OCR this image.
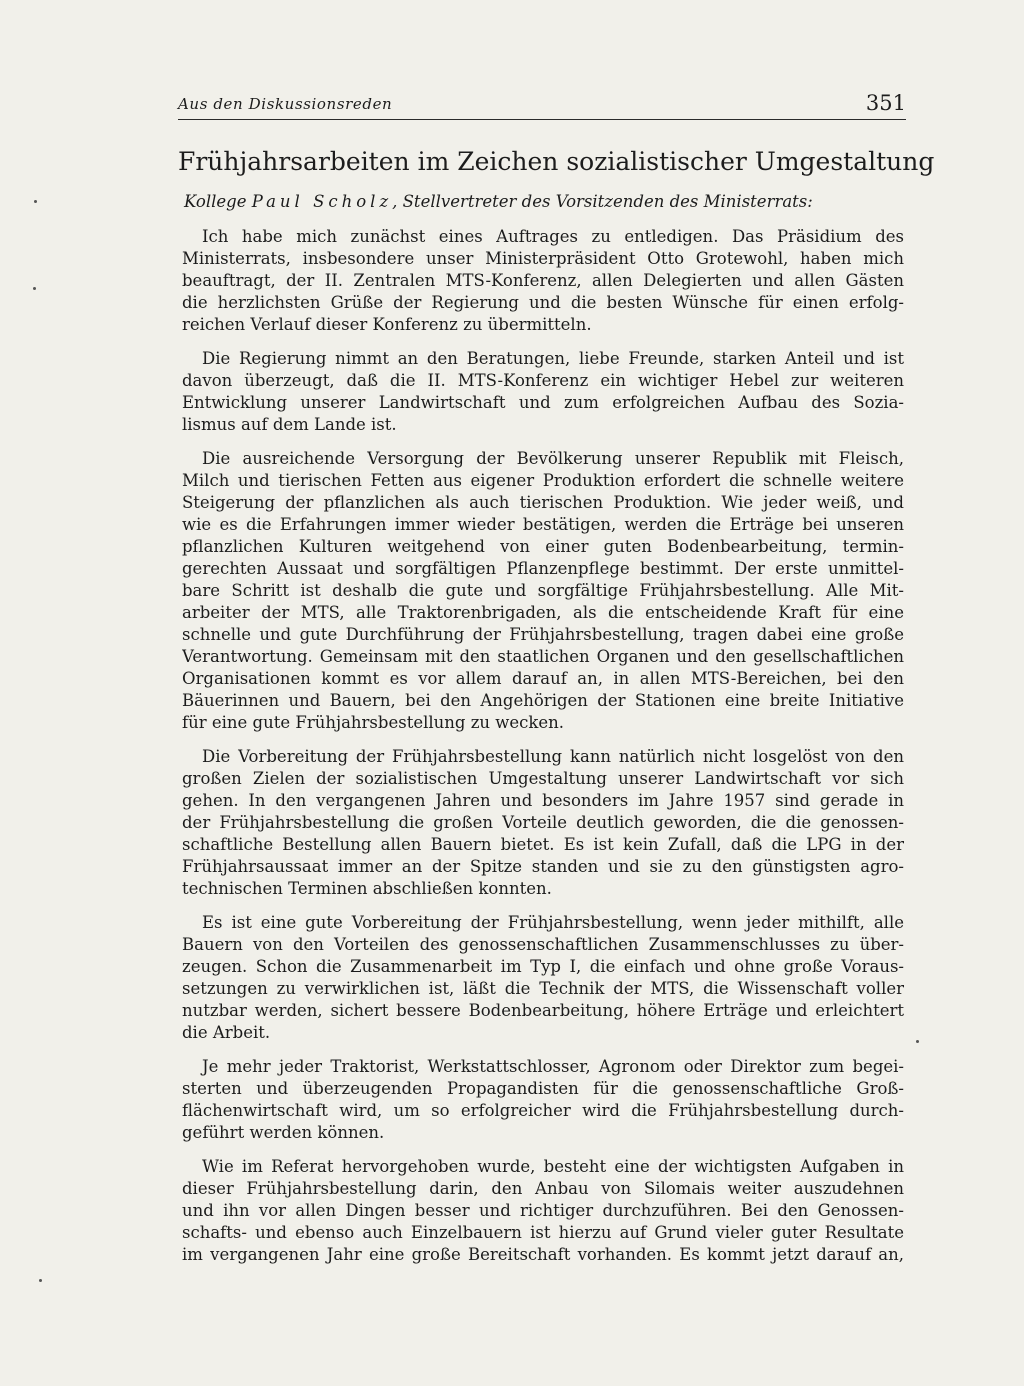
Aus den Diskussionsreden	351
Frühjahrsarbeiten im Zeichen sozialistischer Umgestaltung
Kollege Paul Scholz, Stellvertreter des Vorsitzenden des Ministerrats:
Ich habe mich zunächst eines Auftrages zu entledigen. Das Präsidium des
Ministerrats, insbesondere unser Ministerpräsident Otto Grotewohl, haben mich
beauftragt, der II. Zentralen MTS-Konferenz, allen Delegierten und allen Gästen
die herzlichsten Grüße der Regierung und die besten Wünsche für einen erfolg-
reichen Verlauf dieser Konferenz zu übermitteln.
Die Regierung nimmt an den Beratungen, liebe Freunde, starken Anteil und ist
davon überzeugt, daß die II. MTS-Konferenz ein wichtiger Hebel zur weiteren
Entwicklung unserer Landwirtschaft und zum erfolgreichen Aufbau des Sozia-
lismus auf dem Lande ist.
Die ausreichende Versorgung der Bevölkerung unserer Republik mit Fleisch,
Milch und tierischen Fetten aus eigener Produktion erfordert die schnelle weitere
Steigerung der pflanzlichen als auch tierischen Produktion. Wie jeder weiß, und
wie es die Erfahrungen immer wieder bestätigen, werden die Erträge bei unseren
pflanzlichen Kulturen weitgehend von einer guten Bodenbearbeitung, termin-
gerechten Aussaat und sorgfältigen Pflanzenpflege bestimmt. Der erste unmittel-
bare Schritt ist deshalb die gute und sorgfältige Frühjahrsbestellung. Alle Mit-
arbeiter der MTS, alle Traktorenbrigaden, als die entscheidende Kraft für eine
schnelle und gute Durchführung der Frühjahrsbestellung, tragen dabei eine große
Verantwortung. Gemeinsam mit den staatlichen Organen und den gesellschaftlichen
Organisationen kommt es vor allem darauf an, in allen MTS-Bereichen, bei den
Bäuerinnen und Bauern, bei den Angehörigen der Stationen eine breite Initiative
für eine gute Frühjahrsbestellung zu wecken.
Die Vorbereitung der Frühjahrsbestellung kann natürlich nicht losgelöst von den
großen Zielen der sozialistischen Umgestaltung unserer Landwirtschaft vor sich
gehen. In den vergangenen Jahren und besonders im Jahre 1957 sind gerade in
der Frühjahrsbestellung die großen Vorteile deutlich geworden, die die genossen-
schaftliche Bestellung allen Bauern bietet. Es ist kein Zufall, daß die LPG in der
Frühjahrsaussaat immer an der Spitze standen und sie zu den günstigsten agro-
technischen Terminen abschließen konnten.
Es ist eine gute Vorbereitung der Frühjahrsbestellung, wenn jeder mithilft, alle
Bauern von den Vorteilen des genossenschaftlichen Zusammenschlusses zu über-
zeugen. Schon die Zusammenarbeit im Typ I, die einfach und ohne große Voraus-
setzungen zu verwirklichen ist, läßt die Technik der MTS, die Wissenschaft voller
nutzbar werden, sichert bessere Bodenbearbeitung, höhere Erträge und erleichtert
die Arbeit.
Je mehr jeder Traktorist, Werkstattschlosser, Agronom oder Direktor zum begei-
sterten und überzeugenden Propagandisten für die genossenschaftliche Groß-
flächenwirtschaft wird, um so erfolgreicher wird die Frühjahrsbestellung durch-
geführt werden können.
Wie im Referat hervorgehoben wurde, besteht eine der wichtigsten Aufgaben in
dieser Frühjahrsbestellung darin, den Anbau von Silomais weiter auszudehnen
und ihn vor allen Dingen besser und richtiger durchzuführen. Bei den Genossen-
schafts- und ebenso auch Einzelbauern ist hierzu auf Grund vieler guter Resultate
im vergangenen Jahr eine große Bereitschaft vorhanden. Es kommt jetzt darauf an,
